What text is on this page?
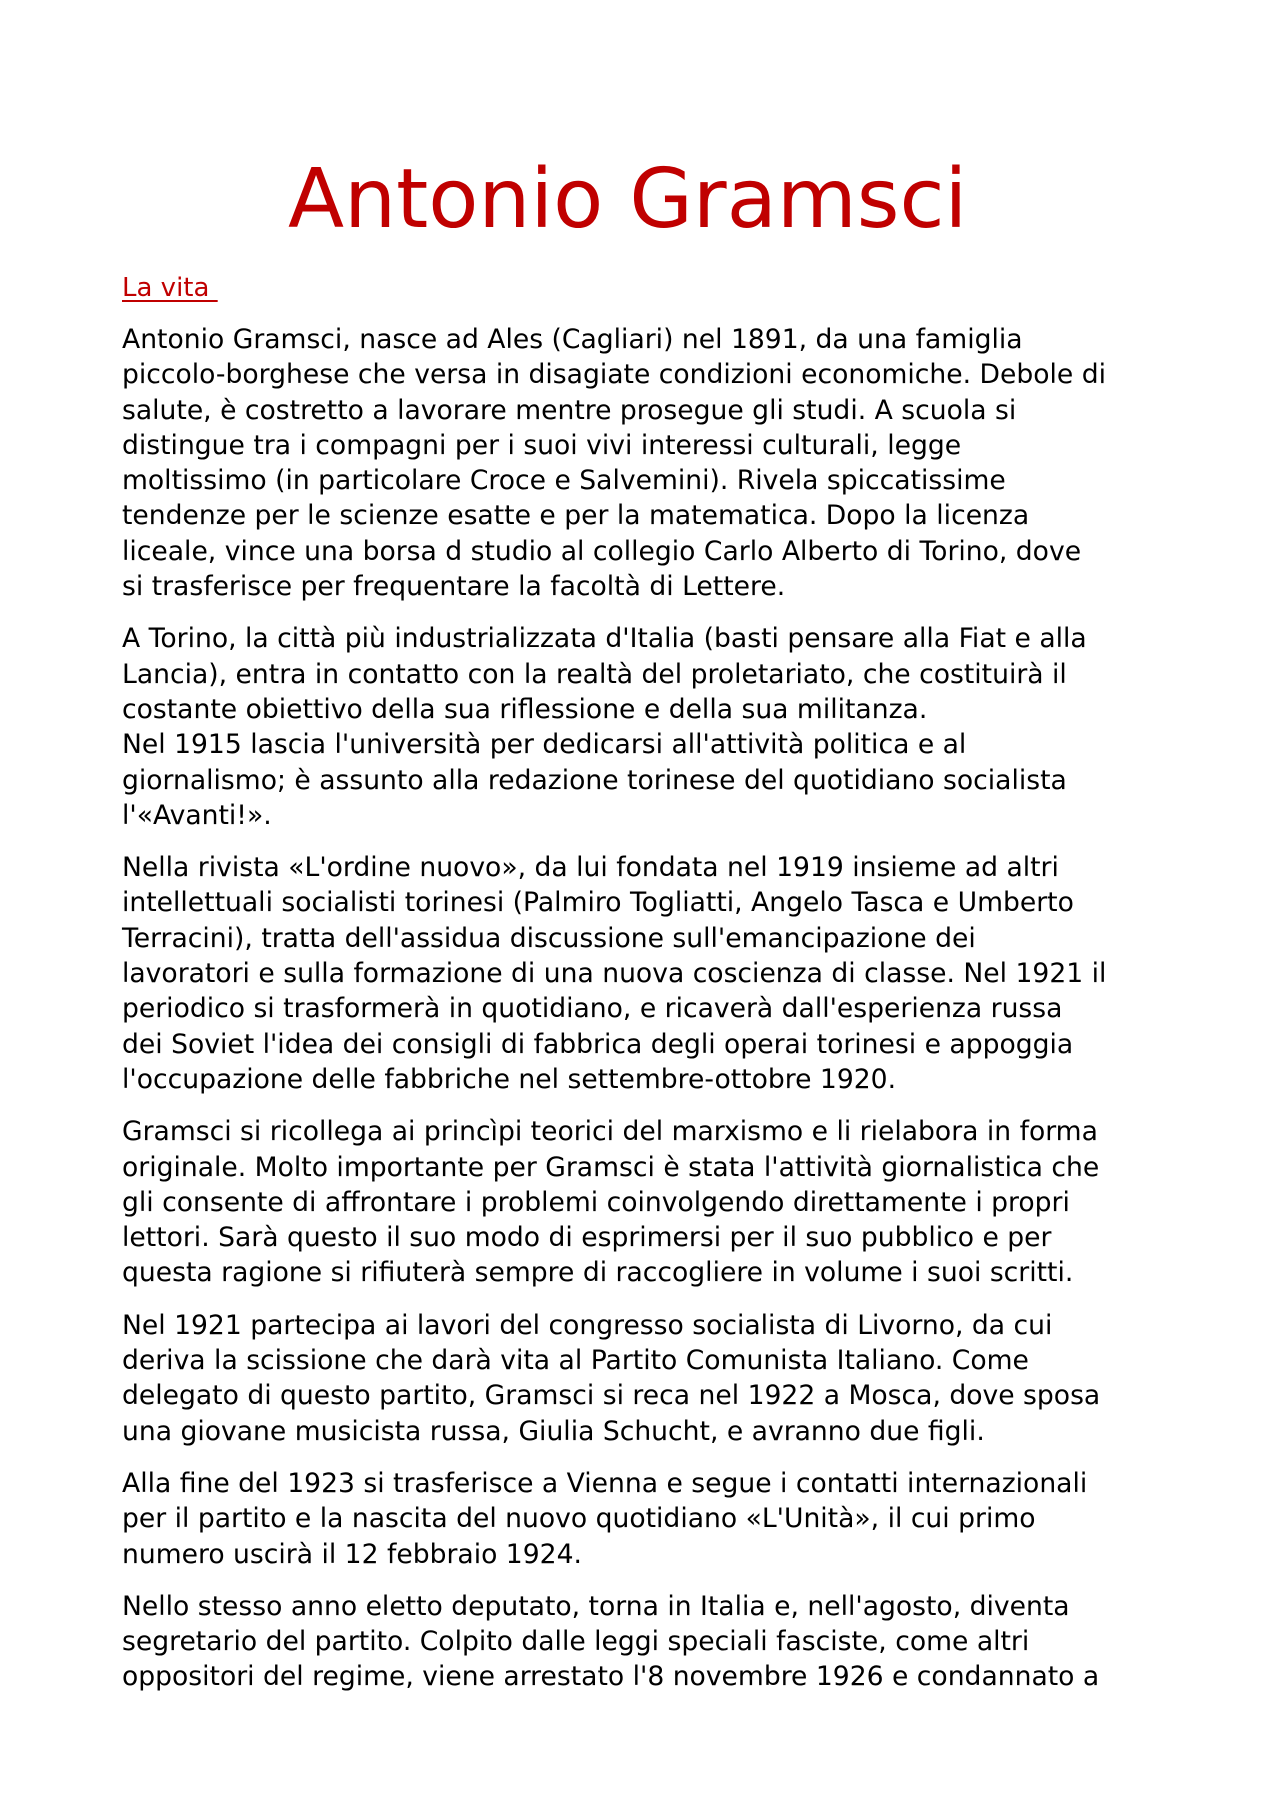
Antonio Gramsci
La vita

Antonio Gramsci, nasce ad Ales (Cagliari) nel 1891, da una famiglia
piccolo-borghese che versa in disagiate condizioni economiche. Debole di
salute, è costretto a lavorare mentre prosegue gli studi. A scuola si
distingue tra i compagni per i suoi vivi interessi culturali, legge
moltissimo (in particolare Croce e Salvemini). Rivela spiccatissime
tendenze per le scienze esatte e per la matematica. Dopo la licenza
liceale, vince una borsa d studio al collegio Carlo Alberto di Torino, dove
si trasferisce per frequentare la facoltà di Lettere.

A Torino, la città più industrializzata d'Italia (basti pensare alla Fiat e alla
Lancia), entra in contatto con la realtà del proletariato, che costituirà il
costante obiettivo della sua riflessione e della sua militanza.
Nel 1915 lascia l'università per dedicarsi all'attività politica e al
giornalismo; è assunto alla redazione torinese del quotidiano socialista
l'«Avanti!».

Nella rivista «L'ordine nuovo», da lui fondata nel 1919 insieme ad altri
intellettuali socialisti torinesi (Palmiro Togliatti, Angelo Tasca e Umberto
Terracini), tratta dell'assidua discussione sull'emancipazione dei
lavoratori e sulla formazione di una nuova coscienza di classe. Nel 1921 il
periodico si trasformerà in quotidiano, e ricaverà dall'esperienza russa
dei Soviet l'idea dei consigli di fabbrica degli operai torinesi e appoggia
l'occupazione delle fabbriche nel settembre-ottobre 1920.

Gramsci si ricollega ai princìpi teorici del marxismo e li rielabora in forma
originale. Molto importante per Gramsci è stata l'attività giornalistica che
gli consente di affrontare i problemi coinvolgendo direttamente i propri
lettori. Sarà questo il suo modo di esprimersi per il suo pubblico e per
questa ragione si rifiuterà sempre di raccogliere in volume i suoi scritti.

Nel 1921 partecipa ai lavori del congresso socialista di Livorno, da cui
deriva la scissione che darà vita al Partito Comunista Italiano. Come
delegato di questo partito, Gramsci si reca nel 1922 a Mosca, dove sposa
una giovane musicista russa, Giulia Schucht, e avranno due figli.

Alla fine del 1923 si trasferisce a Vienna e segue i contatti internazionali
per il partito e la nascita del nuovo quotidiano «L'Unità», il cui primo
numero uscirà il 12 febbraio 1924.

Nello stesso anno eletto deputato, torna in Italia e, nell'agosto, diventa
segretario del partito. Colpito dalle leggi speciali fasciste, come altri
oppositori del regime, viene arrestato l'8 novembre 1926 e condannato a
